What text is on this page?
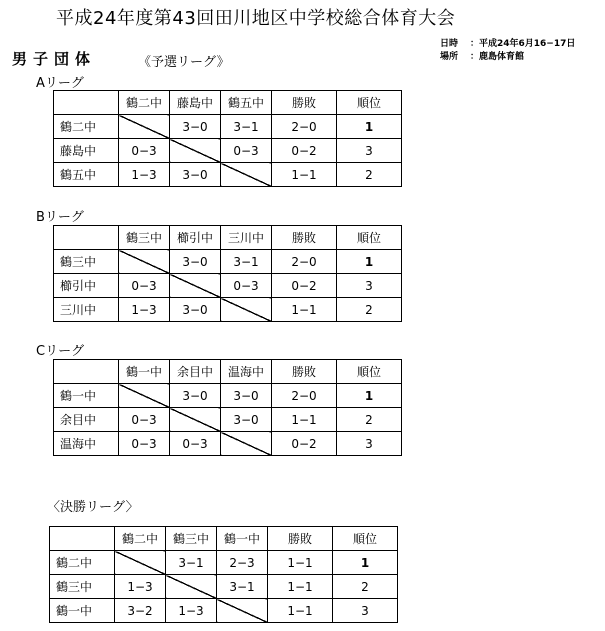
平成24年度第43回田川地区中学校総合体育大会
日時 ：平成24年6月16−17日
場所 ：鹿島体育館
男子団体	《予選リーグ》
Aリーグ
	鶴二中	藤島中	鶴五中	勝敗	順位
鶴二中		3−0	3−1	2−0	1
藤島中	0−3		0−3	0−2	3
鶴五中	1−3	3−0		1−1	2
Bリーグ
	鶴三中	櫛引中	三川中	勝敗	順位
鶴三中		3−0	3−1	2−0	1
櫛引中	0−3		0−3	0−2	3
三川中	1−3	3−0		1−1	2
Cリーグ
	鶴一中	余目中	温海中	勝敗	順位
鶴一中		3−0	3−0	2−0	1
余目中	0−3		3−0	1−1	2
温海中	0−3	0−3		0−2	3
〈決勝リーグ〉
	鶴二中	鶴三中	鶴一中	勝敗	順位
鶴二中		3−1	2−3	1−1	1
鶴三中	1−3		3−1	1−1	2
鶴一中	3−2	1−3		1−1	3
